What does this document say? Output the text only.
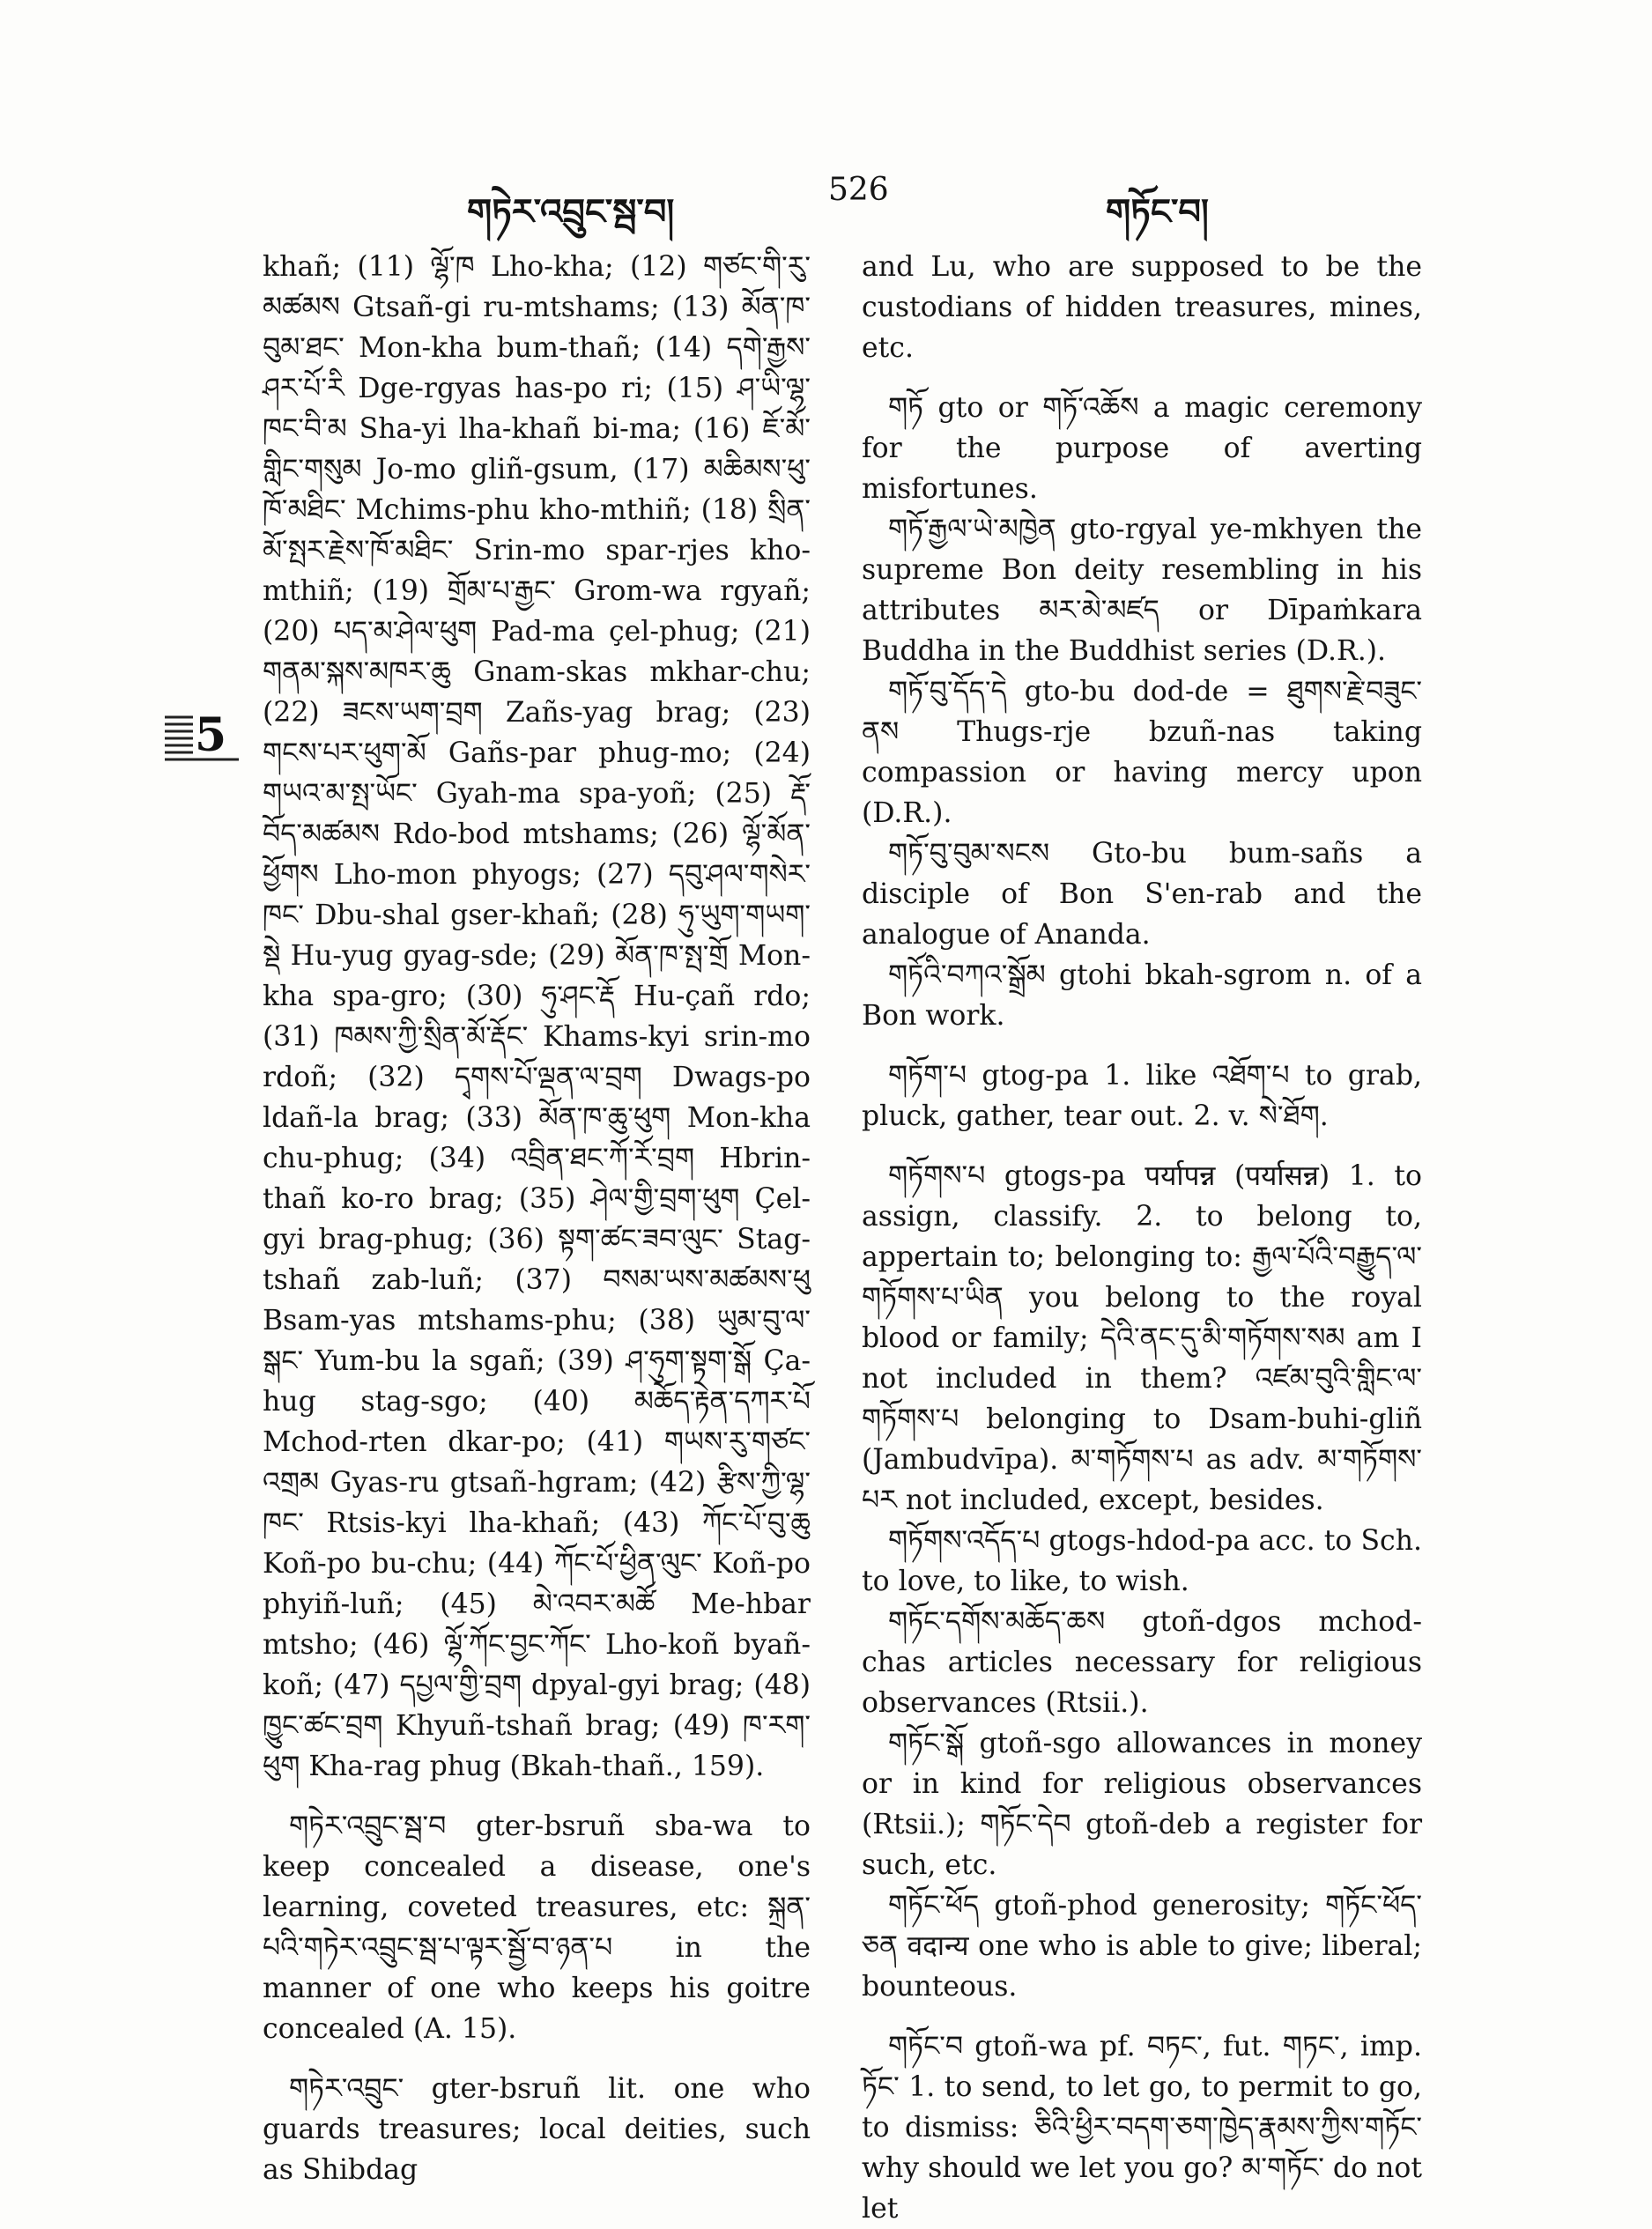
གཏེར་འབྲུང་སྦ་བ།
526
གཏོང་བ།
5

khañ; (11) ལྷོ་ཁ Lho-kha; (12) གཙང་གི་རུ་མཚམས Gtsañ-gi ru-mtshams; (13) མོན་ཁ་བུམ་ཐང་ Mon-kha bum-thañ; (14) དགེ་རྒྱས་ཤར་པོ་རི Dge-rgyas has-po ri; (15) ཤ་ཡི་ལྷ་ཁང་བི་མ Sha-yi lha-khañ bi-ma; (16) ཇོ་མོ་གླིང་གསུམ Jo-mo gliñ-gsum, (17) མཆིམས་ཕུ་ཁོ་མཐིང་ Mchims-phu kho-mthiñ; (18) སྲིན་མོ་སྤར་རྗེས་ཁོ་མཐིང་ Srin-mo spar-rjes kho-mthiñ; (19) གྲོམ་པ་རྒྱང་ Grom-wa rgyañ; (20) པད་མ་ཤེལ་ཕུག Pad-ma çel-phug; (21) གནམ་སྐས་མཁར་ཆུ Gnam-skas mkhar-chu; (22) ཟངས་ཡག་བྲག Zañs-yag brag; (23) གངས་པར་ཕུག་མོ Gañs-par phug-mo; (24) གཡའ་མ་སྤ་ཡོང་ Gyah-ma spa-yoñ; (25) རྡོ་བོད་མཚམས Rdo-bod mtshams; (26) ལྷོ་མོན་ཕྱོགས Lho-mon phyogs; (27) དབུ་ཤལ་གསེར་ཁང་ Dbu-shal gser-khañ; (28) ཧུ་ཡུག་གཡག་སྡེ Hu-yug gyag-sde; (29) མོན་ཁ་སྤ་གྲོ Mon-kha spa-gro; (30) ཧུ་ཤང་རྡོ Hu-çañ rdo; (31) ཁམས་ཀྱི་སྲིན་མོ་རྡོང་ Khams-kyi srin-mo rdoñ; (32) དྭགས་པོ་ལྡན་ལ་བྲག Dwags-po ldañ-la brag; (33) མོན་ཁ་ཆུ་ཕུག Mon-kha chu-phug; (34) འབྲིན་ཐང་ཀོ་རོ་བྲག Hbrin-thañ ko-ro brag; (35) ཤེལ་གྱི་བྲག་ཕུག Çel-gyi brag-phug; (36) སྟག་ཚང་ཟབ་ལུང་ Stag-tshañ zab-luñ; (37) བསམ་ཡས་མཚམས་ཕུ Bsam-yas mtshams-phu; (38) ཡུམ་བུ་ལ་སྒང་ Yum-bu la sgañ; (39) ཤ་ཧུག་སྟག་སྒོ Ça-hug stag-sgo; (40) མཆོད་རྟེན་དཀར་པོ Mchod-rten dkar-po; (41) གཡས་རུ་གཙང་འགྲམ Gyas-ru gtsañ-hgram; (42) རྩིས་ཀྱི་ལྷ་ཁང་ Rtsis-kyi lha-khañ; (43) ཀོང་པོ་བུ་ཆུ Koñ-po bu-chu; (44) ཀོང་པོ་ཕྱིན་ལུང་ Koñ-po phyiñ-luñ; (45) མེ་འབར་མཚོ Me-hbar mtsho; (46) ལྷོ་ཀོང་བྱང་ཀོང་ Lho-koñ byañ-koñ; (47) དཔྱལ་གྱི་བྲག dpyal-gyi brag; (48) ཁྱུང་ཚང་བྲག Khyuñ-tshañ brag; (49) ཁ་རག་ཕུག Kha-rag phug (Bkah-thañ., 159).

གཏེར་འབྲུང་སྦ་བ gter-bsruñ sba-wa to keep concealed a disease, one's learning, coveted treasures, etc: སྐྲན་པའི་གཏེར་འབྲུང་སྦ་པ་ལྟར་སྦྱོ་བ་ཉན་པ in the manner of one who keeps his goitre concealed (A. 15).

གཏེར་འབྲུང་ gter-bsruñ lit. one who guards treasures; local deities, such as Shibdag

and Lu, who are supposed to be the custodians of hidden treasures, mines, etc.

གཏོ gto or གཏོ་འཆོས a magic ceremony for the purpose of averting misfortunes.

གཏོ་རྒྱལ་ཡེ་མཁྱེན gto-rgyal ye-mkhyen the supreme Bon deity resembling in his attributes མར་མེ་མཛད or Dīpaṁkara Buddha in the Buddhist series (D.R.).

གཏོ་བུ་དོད་དེ gto-bu dod-de = ཐུགས་རྗེ་བཟུང་ནས Thugs-rje bzuñ-nas taking compassion or having mercy upon (D.R.).

གཏོ་བུ་བུམ་སངས Gto-bu bum-sañs a disciple of Bon S'en-rab and the analogue of Ananda.

གཏོའི་བཀའ་སྒྲོམ gtohi bkah-sgrom n. of a Bon work.

གཏོག་པ gtog-pa 1. like འཐོག་པ to grab, pluck, gather, tear out. 2. v. སེ་ཐོག.

གཏོགས་པ gtogs-pa पर्यापन्न (पर्यासन्न) 1. to assign, classify. 2. to belong to, appertain to; belonging to: རྒྱལ་པོའི་བརྒྱུད་ལ་གཏོགས་པ་ཡིན you belong to the royal blood or family; དེའི་ནང་དུ་མི་གཏོགས་སམ am I not included in them? འཛམ་བུའི་གླིང་ལ་གཏོགས་པ belonging to Dsam-buhi-gliñ (Jambudvīpa). མ་གཏོགས་པ as adv. མ་གཏོགས་པར not included, except, besides.

གཏོགས་འདོད་པ gtogs-hdod-pa acc. to Sch. to love, to like, to wish.

གཏོང་དགོས་མཆོད་ཆས gtoñ-dgos mchod-chas articles necessary for religious observances (Rtsii.).

གཏོང་སྒོ gtoñ-sgo allowances in money or in kind for religious observances (Rtsii.); གཏོང་དེབ gtoñ-deb a register for such, etc.

གཏོང་ཕོད gtoñ-phod generosity; གཏོང་ཕོད་ཅན वदान्य one who is able to give; liberal; bounteous.

གཏོང་བ gtoñ-wa pf. བཏང་, fut. གཏང་, imp. ཏོང་ 1. to send, to let go, to permit to go, to dismiss: ཅིའི་ཕྱིར་བདག་ཅག་ཁྱེད་རྣམས་ཀྱིས་གཏོང་ why should we let you go? མ་གཏོང་ do not let
